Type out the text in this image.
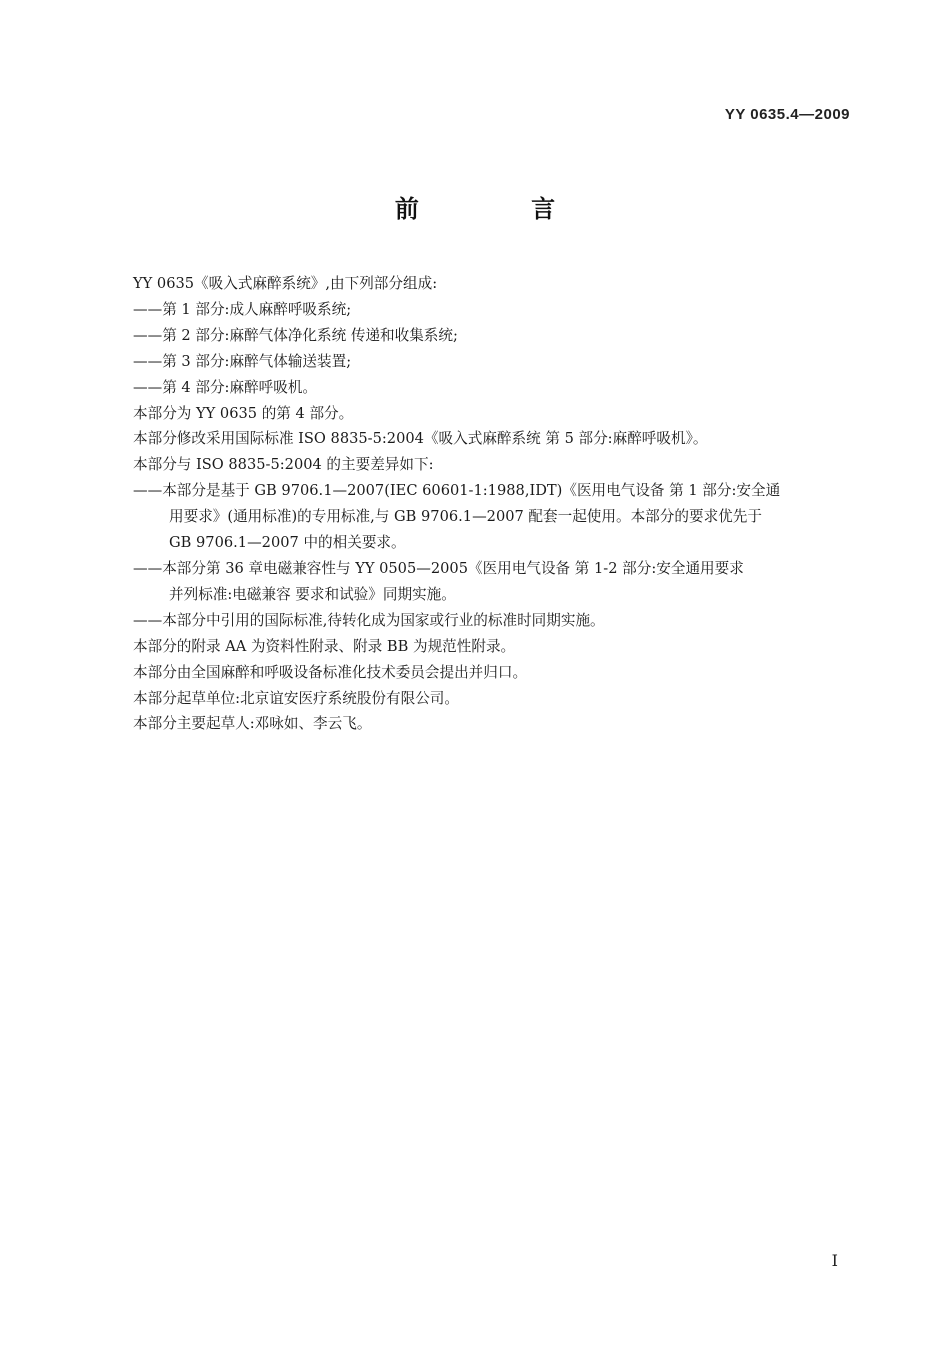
YY 0635.4—2009
前 言

YY 0635《吸入式麻醉系统》,由下列部分组成:

——第 1 部分:成人麻醉呼吸系统;

——第 2 部分:麻醉气体净化系统 传递和收集系统;

——第 3 部分:麻醉气体输送装置;

——第 4 部分:麻醉呼吸机。

本部分为 YY 0635 的第 4 部分。

本部分修改采用国际标准 ISO 8835-5:2004《吸入式麻醉系统 第 5 部分:麻醉呼吸机》。

本部分与 ISO 8835-5:2004 的主要差异如下:

——本部分是基于 GB 9706.1—2007(IEC 60601-1:1988,IDT)《医用电气设备 第 1 部分:安全通

用要求》(通用标准)的专用标准,与 GB 9706.1—2007 配套一起使用。本部分的要求优先于

GB 9706.1—2007 中的相关要求。

——本部分第 36 章电磁兼容性与 YY 0505—2005《医用电气设备 第 1-2 部分:安全通用要求

并列标准:电磁兼容 要求和试验》同期实施。

——本部分中引用的国际标准,待转化成为国家或行业的标准时同期实施。

本部分的附录 AA 为资料性附录、附录 BB 为规范性附录。

本部分由全国麻醉和呼吸设备标准化技术委员会提出并归口。

本部分起草单位:北京谊安医疗系统股份有限公司。

本部分主要起草人:邓咏如、李云飞。

I
